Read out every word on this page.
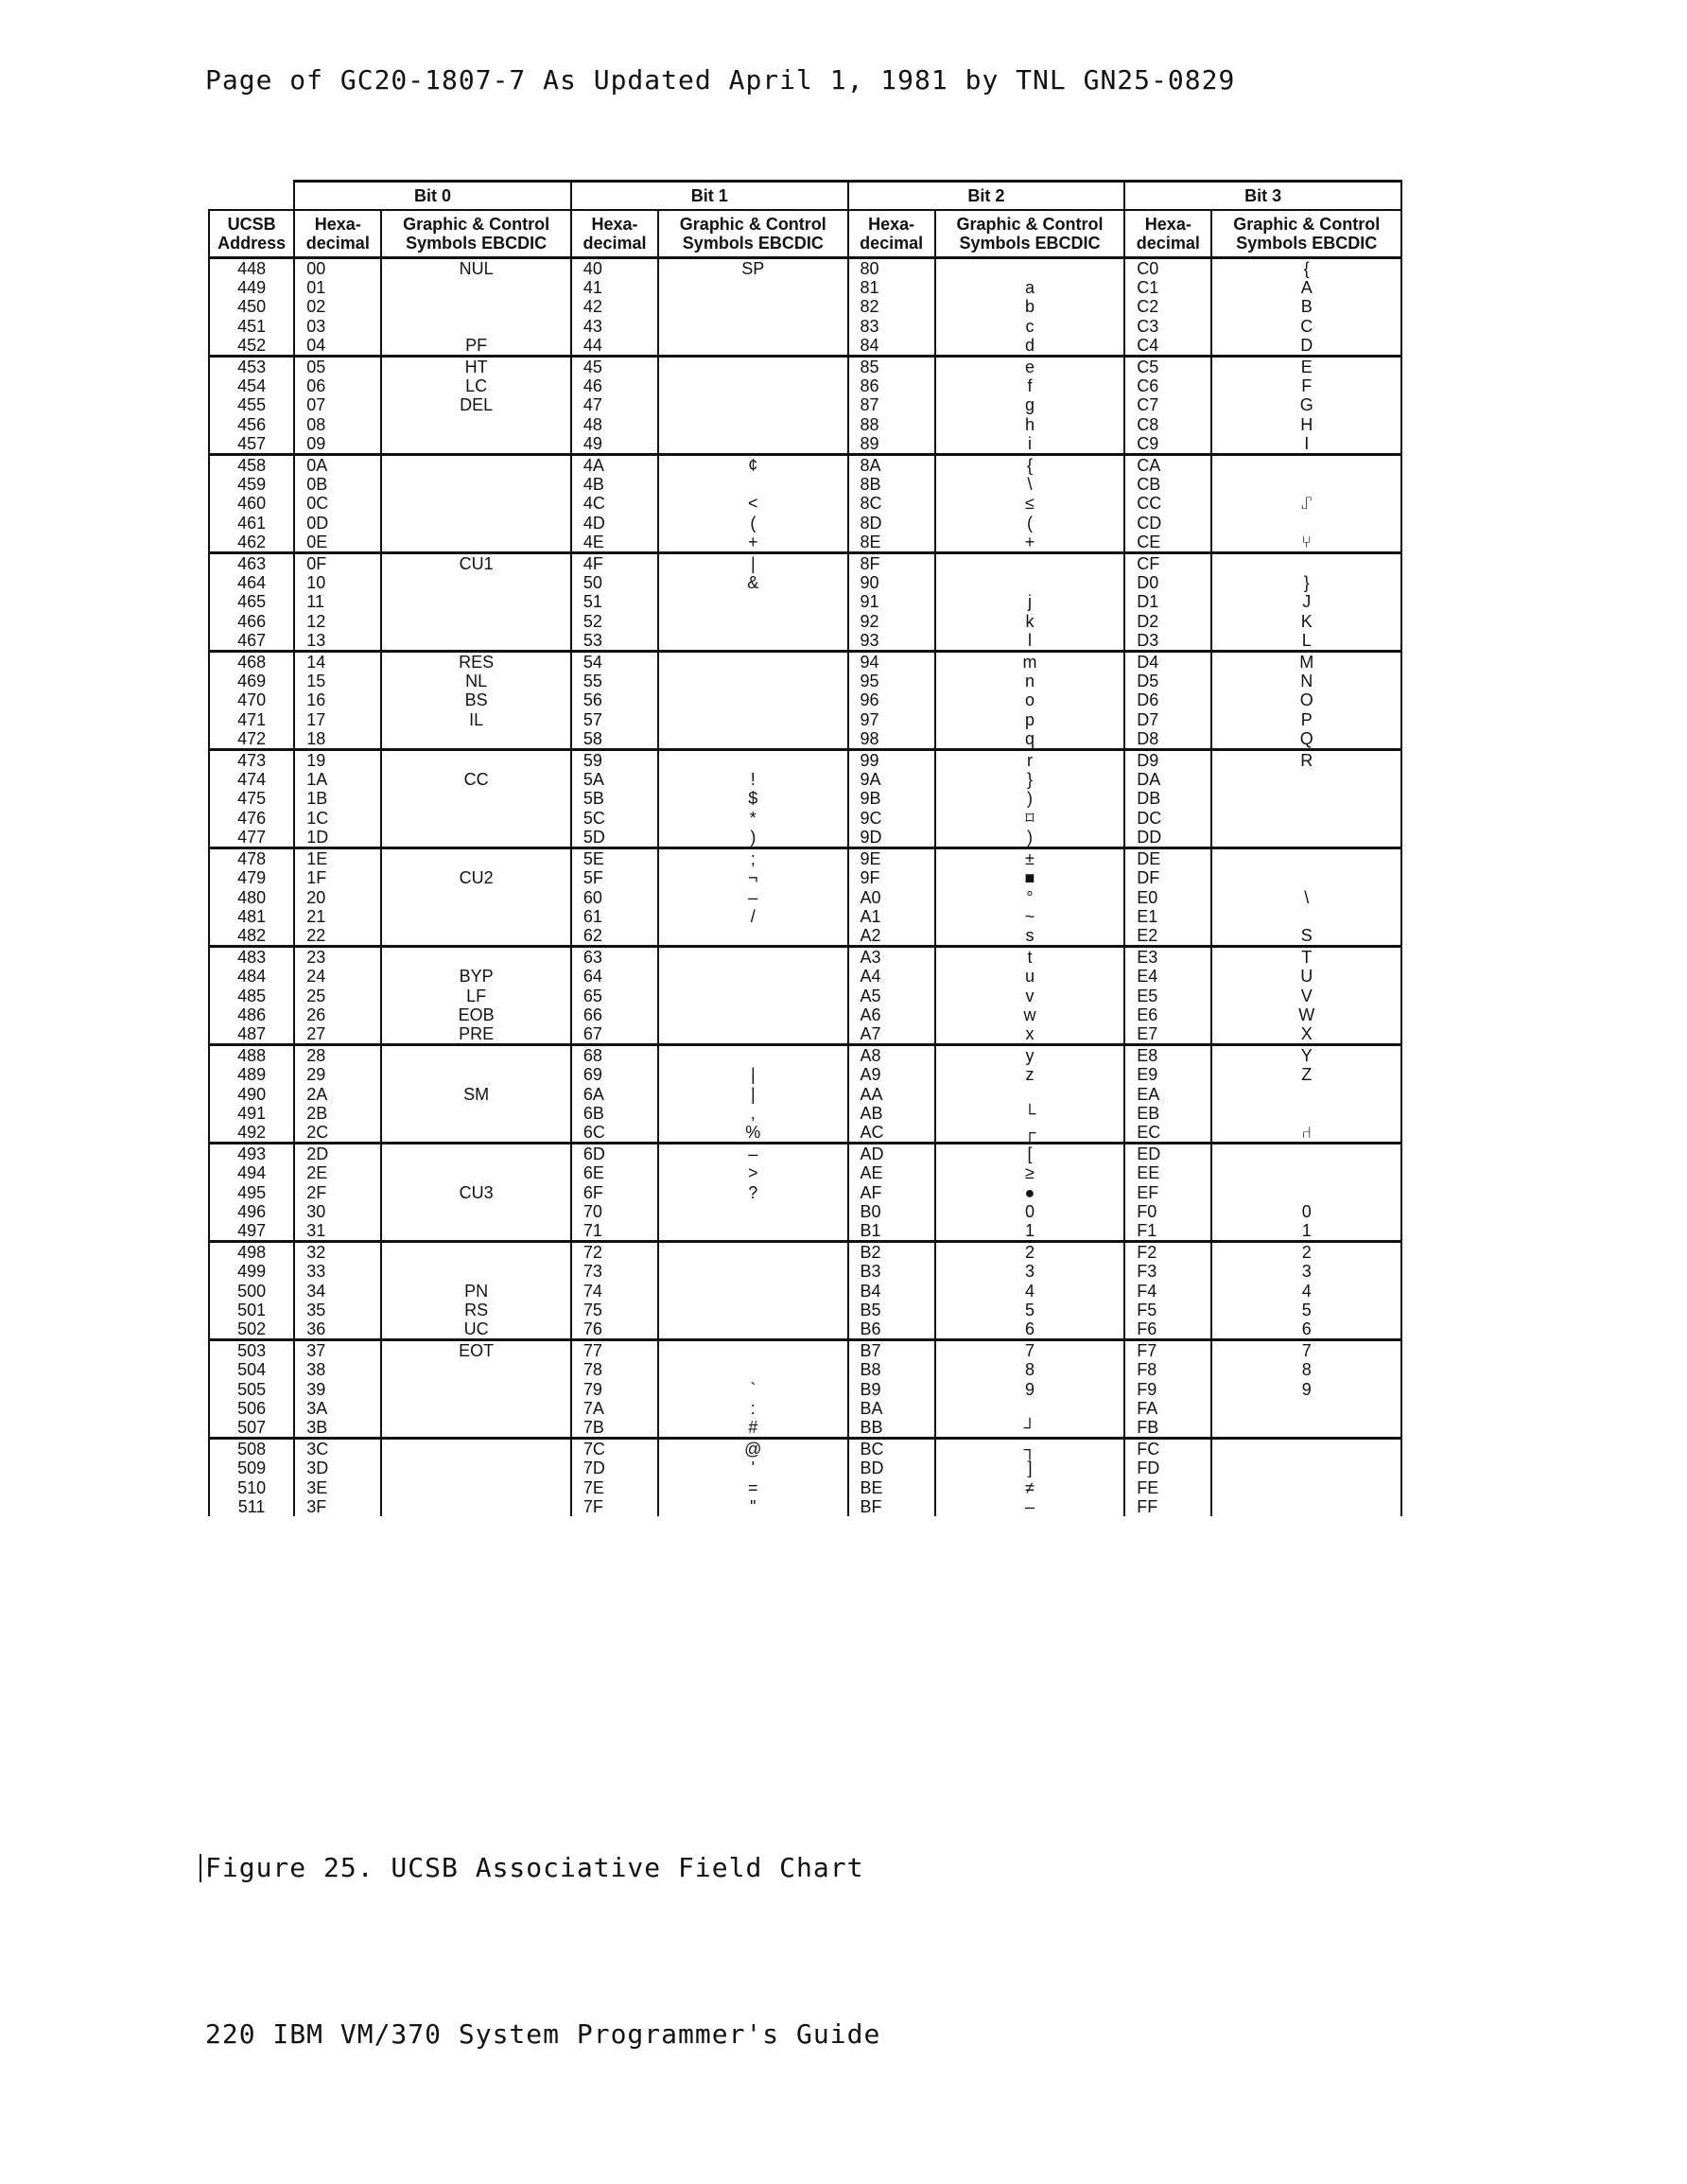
Page of GC20-1807-7 As Updated April 1, 1981 by TNL GN25-0829
	Bit 0		Bit 1		Bit 2		Bit 3	
UCSB
Address	Hexa-
decimal	Graphic & Control
Symbols EBCDIC	Hexa-
decimal	Graphic & Control
Symbols EBCDIC	Hexa-
decimal	Graphic & Control
Symbols EBCDIC	Hexa-
decimal	Graphic & Control
Symbols EBCDIC
448	00	NUL	40	SP	80		C0	{
449	01		41		81	a	C1	A
450	02		42		82	b	C2	B
451	03		43		83	c	C3	C
452	04	PF	44		84	d	C4	D
453	05	HT	45		85	e	C5	E
454	06	LC	46		86	f	C6	F
455	07	DEL	47		87	g	C7	G
456	08		48		88	h	C8	H
457	09		49		89	i	C9	I
458	0A		4A	¢	8A	{	CA	
459	0B		4B		8B	\	CB	
460	0C		4C	<	8C	≤	CC	⑀
461	0D		4D	(	8D	(	CD	
462	0E		4E	+	8E	+	CE	⑂
463	0F	CU1	4F	|	8F		CF	
464	10		50	&	90		D0	}
465	11		51		91	j	D1	J
466	12		52		92	k	D2	K
467	13		53		93	l	D3	L
468	14	RES	54		94	m	D4	M
469	15	NL	55		95	n	D5	N
470	16	BS	56		96	o	D6	O
471	17	IL	57		97	p	D7	P
472	18		58		98	q	D8	Q
473	19		59		99	r	D9	R
474	1A	CC	5A	!	9A	}	DA	
475	1B		5B	$	9B	)	DB	
476	1C		5C	*	9C	⌑	DC	
477	1D		5D	)	9D	)	DD	
478	1E		5E	;	9E	±	DE	
479	1F	CU2	5F	¬	9F	■	DF	
480	20		60	–	A0	°	E0	\
481	21		61	/	A1	~	E1	
482	22		62		A2	s	E2	S
483	23		63		A3	t	E3	T
484	24	BYP	64		A4	u	E4	U
485	25	LF	65		A5	v	E5	V
486	26	EOB	66		A6	w	E6	W
487	27	PRE	67		A7	x	E7	X
488	28		68		A8	y	E8	Y
489	29		69	|	A9	z	E9	Z
490	2A	SM	6A	|	AA		EA	
491	2B		6B	,	AB	└	EB	
492	2C		6C	%	AC	┌	EC	⑁
493	2D		6D	–	AD	[	ED	
494	2E		6E	>	AE	≥	EE	
495	2F	CU3	6F	?	AF	●	EF	
496	30		70		B0	0	F0	0
497	31		71		B1	1	F1	1
498	32		72		B2	2	F2	2
499	33		73		B3	3	F3	3
500	34	PN	74		B4	4	F4	4
501	35	RS	75		B5	5	F5	5
502	36	UC	76		B6	6	F6	6
503	37	EOT	77		B7	7	F7	7
504	38		78		B8	8	F8	8
505	39		79	`	B9	9	F9	9
506	3A		7A	:	BA		FA	
507	3B		7B	#	BB	┘	FB	
508	3C		7C	@	BC	┐	FC	
509	3D		7D	'	BD	]	FD	
510	3E		7E	=	BE	≠	FE	
511	3F		7F	"	BF	–	FF	
Figure 25. UCSB Associative Field Chart
220 IBM VM/370 System Programmer's Guide
